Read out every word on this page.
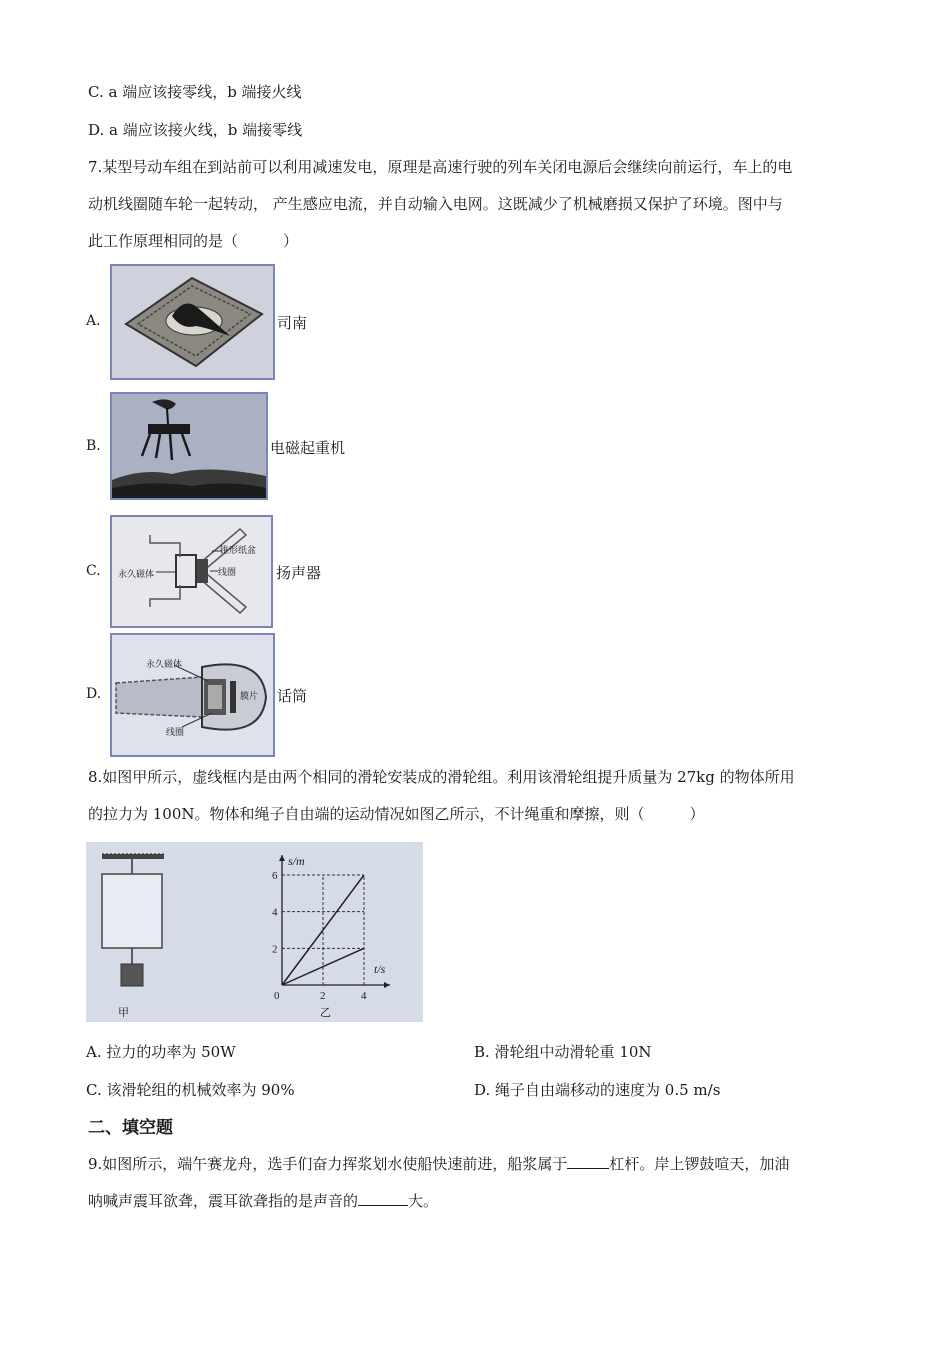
C. a 端应该接零线，b 端接火线
D. a 端应该接火线，b 端接零线
7.某型号动车组在到站前可以利用减速发电，原理是高速行驶的列车关闭电源后会继续向前运行，车上的电
动机线圈随车轮一起转动， 产生感应电流，并自动输入电网。这既减少了机械磨损又保护了环境。图中与
此工作原理相同的是（　　　）
A.	司南
B.	电磁起重机
C.
锥形纸盆
永久磁体	线圈	扬声器
D.
永久磁体
膜片
线圈
话筒
8.如图甲所示，虚线框内是由两个相同的滑轮安装成的滑轮组。利用该滑轮组提升质量为 27kg 的物体所用
的拉力为 100N。物体和绳子自由端的运动情况如图乙所示，不计绳重和摩擦，则（　　　）
甲
2
4
6
0	2	4
s/m
t/s
乙
A. 拉力的功率为 50W	B. 滑轮组中动滑轮重 10N
C. 该滑轮组的机械效率为 90%	D. 绳子自由端移动的速度为 0.5 m/s
二、填空题
9.如图所示，端午赛龙舟，选手们奋力挥浆划水使船快速前进，船浆属于	杠杆。岸上锣鼓喧天，加油
呐喊声震耳欲聋，震耳欲聋指的是声音的	大。
